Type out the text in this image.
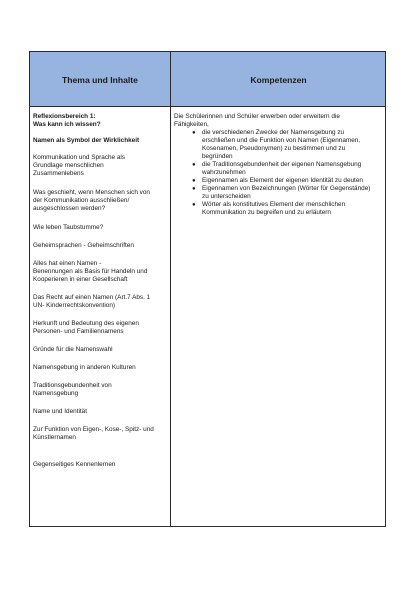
Thema und Inhalte	Kompetenzen

Reflexionsbereich 1:
Was kann ich wissen?

Namen als Symbol der Wirklichkeit

Kommunikation und Sprache als
Grundlage menschlichen
Zusammenlebens

Was geschieht, wenn Menschen sich von
der Kommunikation ausschließen/
ausgeschlossen werden?

Wie leben Taubstumme?

Geheimsprachen - Geheimschriften

Alles hat einen Namen -
Benennungen als Basis für Handeln und
Kooperieren in einer Gesellschaft

Das Recht auf einen Namen (Art.7 Abs. 1
UN- Kinderrechtskonvention)

Herkunft und Bedeutung des eigenen
Personen- und Familiennamens

Gründe für die Namenswahl

Namensgebung in anderen Kulturen

Traditionsgebundenheit von
Namensgebung

Name und Identität

Zur Funktion von Eigen-, Kose-, Spitz- und
Künstlernamen

Gegenseitiges Kennenlernen

Die Schülerinnen und Schüler erwerben oder erweitern die
Fähigkeiten,

● die verschiedenen Zwecke der Namensgebung zu
erschließen und die Funktion von Namen (Eigennamen,
Kosenamen, Pseudonymen) zu bestimmen und zu
begründen
● die Traditionsgebundenheit der eigenen Namensgebung
wahrzunehmen
● Eigennamen als Element der eigenen Identität zu deuten
● Eigennamen von Bezeichnungen (Wörter für Gegenstände)
zu unterscheiden
● Wörter als konstitutives Element der menschlichen
Kommunikation zu begreifen und zu erläutern
